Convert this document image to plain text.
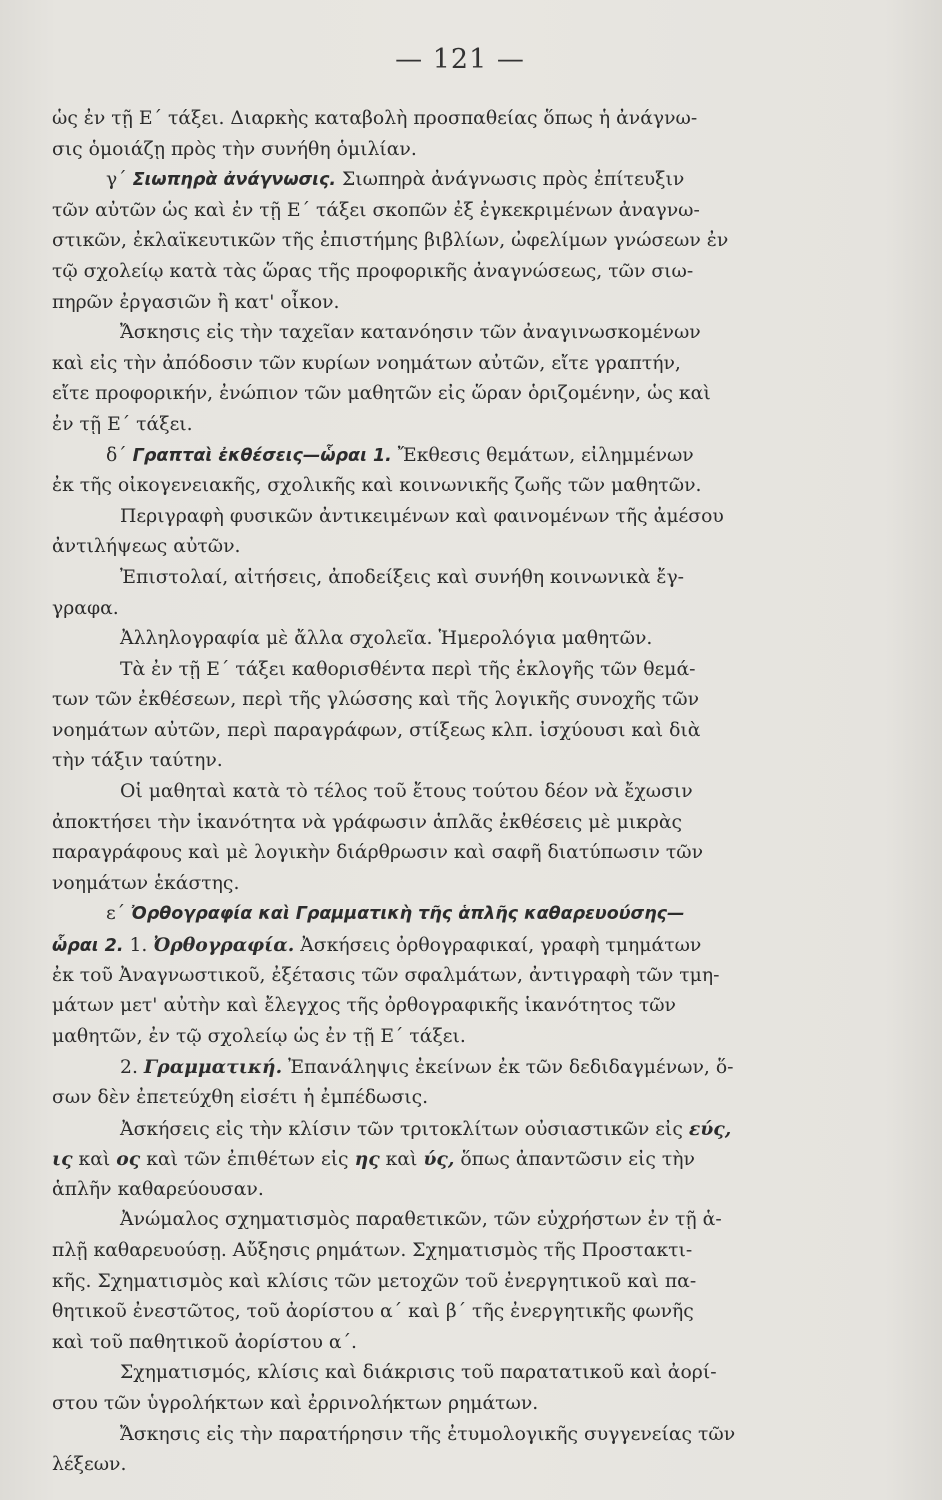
— 121 —
ὡς ἐν τῇ Ε΄ τάξει. Διαρκὴς καταβολὴ προσπαθείας ὅπως ἡ ἀνάγνω-
σις ὁμοιάζῃ πρὸς τὴν συνήθη ὁμιλίαν.
γ΄ Σιωπηρὰ ἀνάγνωσις. Σιωπηρὰ ἀνάγνωσις πρὸς ἐπίτευξιν
τῶν αὐτῶν ὡς καὶ ἐν τῇ Ε΄ τάξει σκοπῶν ἐξ ἐγκεκριμένων ἀναγνω-
στικῶν, ἐκλαϊκευτικῶν τῆς ἐπιστήμης βιβλίων, ὠφελίμων γνώσεων ἐν
τῷ σχολείῳ κατὰ τὰς ὥρας τῆς προφορικῆς ἀναγνώσεως, τῶν σιω-
πηρῶν ἐργασιῶν ἢ κατ' οἶκον.
Ἄσκησις εἰς τὴν ταχεῖαν κατανόησιν τῶν ἀναγινωσκομένων
καὶ εἰς τὴν ἀπόδοσιν τῶν κυρίων νοημάτων αὐτῶν, εἴτε γραπτήν,
εἴτε προφορικήν, ἐνώπιον τῶν μαθητῶν εἰς ὥραν ὁριζομένην, ὡς καὶ
ἐν τῇ Ε΄ τάξει.
δ΄ Γραπταὶ ἐκθέσεις—ὧραι 1. Ἔκθεσις θεμάτων, εἰλημμένων
ἐκ τῆς οἰκογενειακῆς, σχολικῆς καὶ κοινωνικῆς ζωῆς τῶν μαθητῶν.
Περιγραφὴ φυσικῶν ἀντικειμένων καὶ φαινομένων τῆς ἀμέσου
ἀντιλήψεως αὐτῶν.
Ἐπιστολαί, αἰτήσεις, ἀποδείξεις καὶ συνήθη κοινωνικὰ ἔγ-
γραφα.
Ἀλληλογραφία μὲ ἄλλα σχολεῖα. Ἡμερολόγια μαθητῶν.
Τὰ ἐν τῇ Ε΄ τάξει καθορισθέντα περὶ τῆς ἐκλογῆς τῶν θεμά-
των τῶν ἐκθέσεων, περὶ τῆς γλώσσης καὶ τῆς λογικῆς συνοχῆς τῶν
νοημάτων αὐτῶν, περὶ παραγράφων, στίξεως κλπ. ἰσχύουσι καὶ διὰ
τὴν τάξιν ταύτην.
Οἱ μαθηταὶ κατὰ τὸ τέλος τοῦ ἔτους τούτου δέον νὰ ἔχωσιν
ἀποκτήσει τὴν ἱκανότητα νὰ γράφωσιν ἁπλᾶς ἐκθέσεις μὲ μικρὰς
παραγράφους καὶ μὲ λογικὴν διάρθρωσιν καὶ σαφῆ διατύπωσιν τῶν
νοημάτων ἑκάστης.
ε΄ Ὀρθογραφία καὶ Γραμματικὴ τῆς ἁπλῆς καθαρευούσης—
ὧραι 2. 1. Ὀρθογραφία. Ἀσκήσεις ὀρθογραφικαί, γραφὴ τμημάτων
ἐκ τοῦ Ἀναγνωστικοῦ, ἐξέτασις τῶν σφαλμάτων, ἀντιγραφὴ τῶν τμη-
μάτων μετ' αὐτὴν καὶ ἔλεγχος τῆς ὀρθογραφικῆς ἱκανότητος τῶν
μαθητῶν, ἐν τῷ σχολείῳ ὡς ἐν τῇ Ε΄ τάξει.
2. Γραμματική. Ἐπανάληψις ἐκείνων ἐκ τῶν δεδιδαγμένων, ὅ-
σων δὲν ἐπετεύχθη εἰσέτι ἡ ἐμπέδωσις.
Ἀσκήσεις εἰς τὴν κλίσιν τῶν τριτοκλίτων οὐσιαστικῶν εἰς εύς,
ις καὶ ος καὶ τῶν ἐπιθέτων εἰς ης καὶ ύς, ὅπως ἀπαντῶσιν εἰς τὴν
ἁπλῆν καθαρεύουσαν.
Ἀνώμαλος σχηματισμὸς παραθετικῶν, τῶν εὐχρήστων ἐν τῇ ἁ-
πλῇ καθαρευούσῃ. Αὔξησις ρημάτων. Σχηματισμὸς τῆς Προστακτι-
κῆς. Σχηματισμὸς καὶ κλίσις τῶν μετοχῶν τοῦ ἐνεργητικοῦ καὶ πα-
θητικοῦ ἐνεστῶτος, τοῦ ἀορίστου α΄ καὶ β΄ τῆς ἐνεργητικῆς φωνῆς
καὶ τοῦ παθητικοῦ ἀορίστου α΄.
Σχηματισμός, κλίσις καὶ διάκρισις τοῦ παρατατικοῦ καὶ ἀορί-
στου τῶν ὑγρολήκτων καὶ ἐρρινολήκτων ρημάτων.
Ἄσκησις εἰς τὴν παρατήρησιν τῆς ἐτυμολογικῆς συγγενείας τῶν
λέξεων.
